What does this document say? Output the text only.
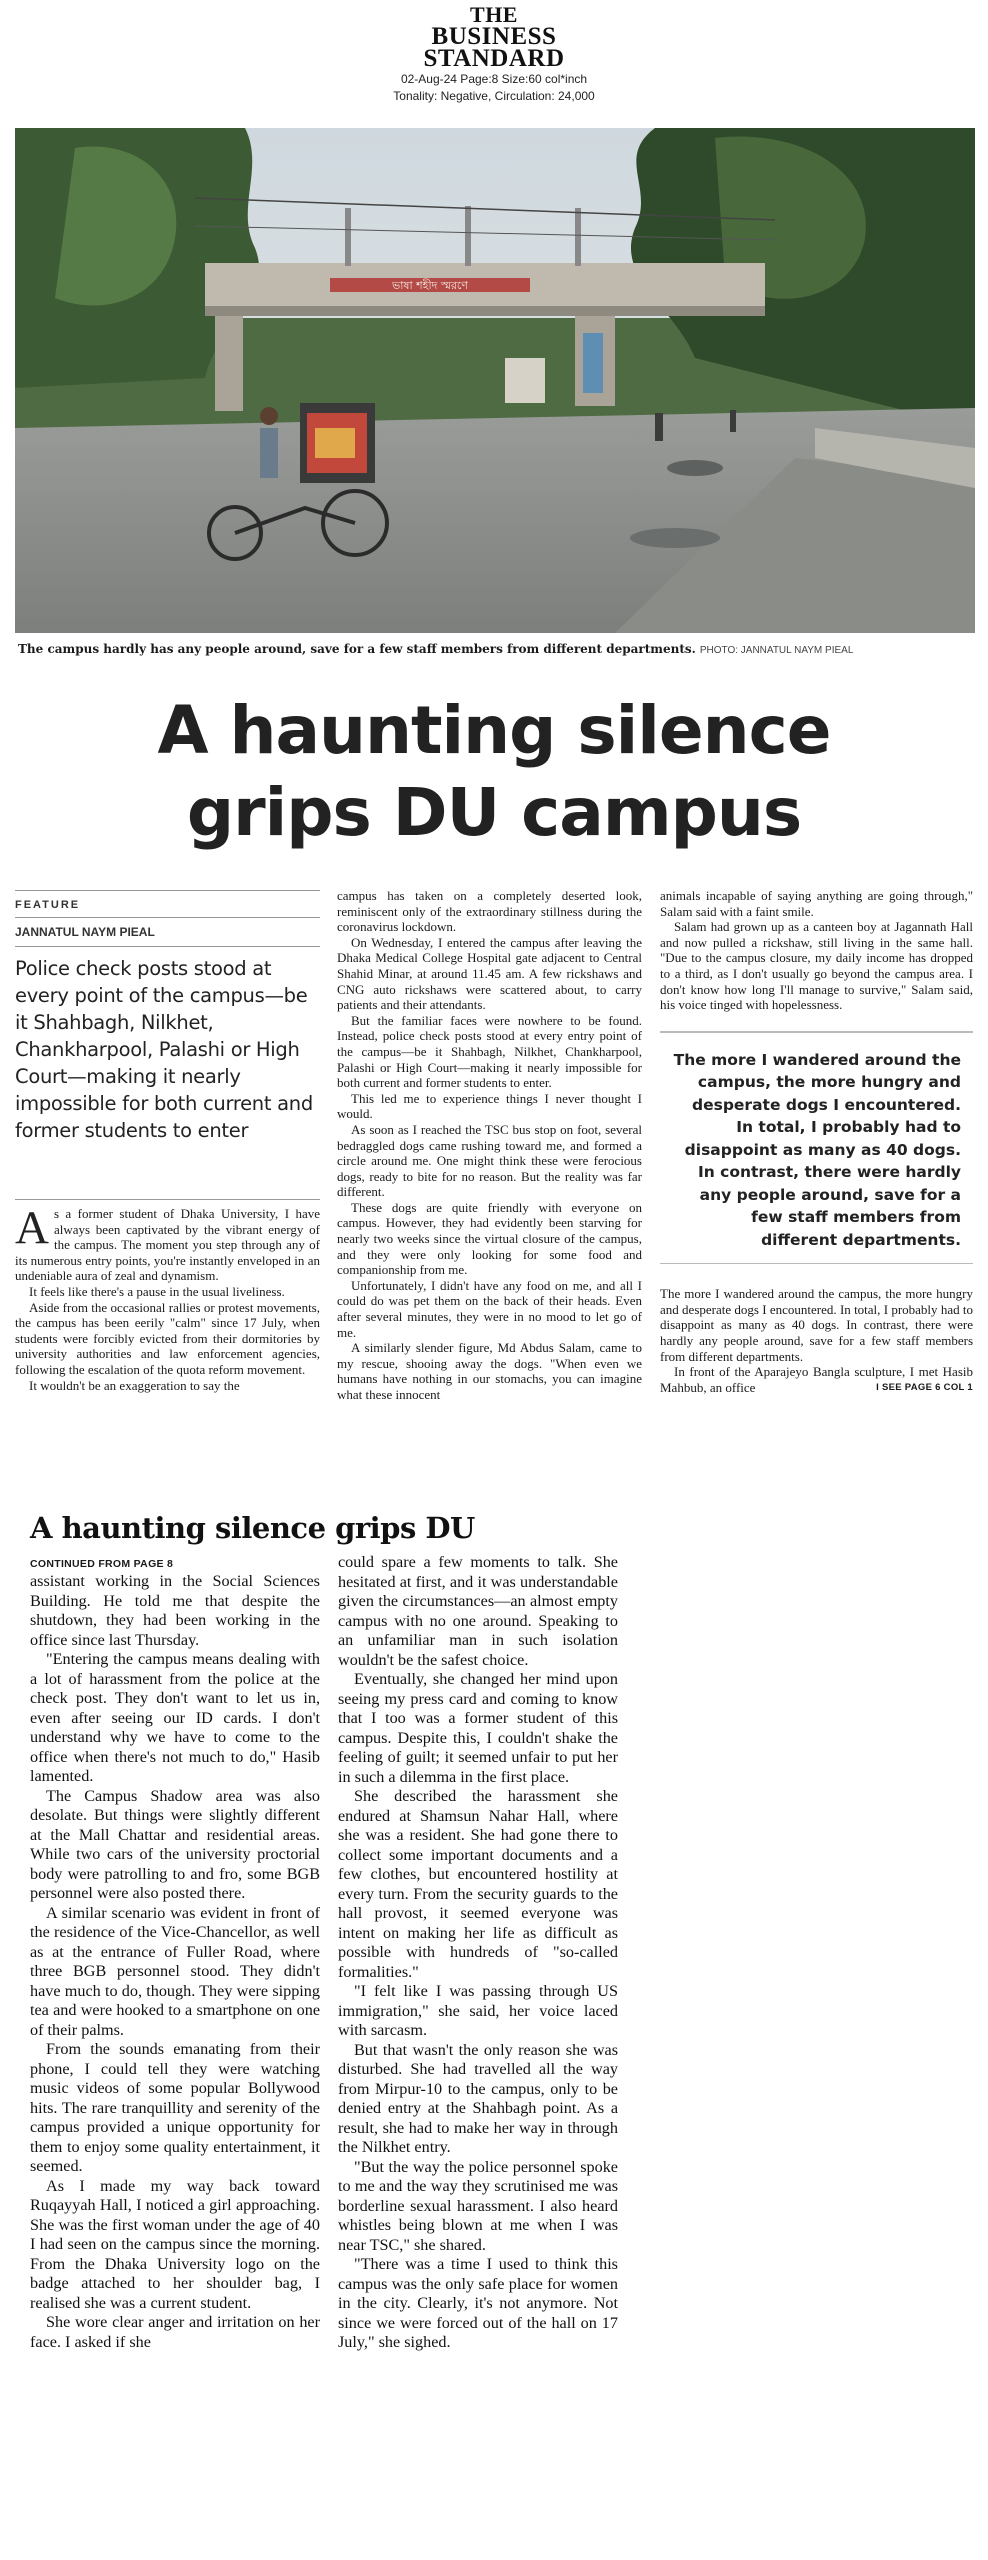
THE
BUSINESS
STANDARD
02-Aug-24 Page:8 Size:60 col*inch
Tonality: Negative, Circulation: 24,000
ভাষা শহীদ স্মরণে
The campus hardly has any people around, save for a few staff members from different departments. PHOTO: JANNATUL NAYM PIEAL
A haunting silence
grips DU campus
FEATURE
JANNATUL NAYM PIEAL
Police check posts stood at every point of the campus—be it Shahbagh, Nilkhet, Chankharpool, Palashi or High Court—making it nearly impossible for both current and former students to enter

As a former student of Dhaka University, I have always been captivated by the vibrant energy of the campus. The moment you step through any of its numerous entry points, you're instantly enveloped in an undeniable aura of zeal and dynamism.

It feels like there's a pause in the usual liveliness.

Aside from the occasional rallies or protest movements, the campus has been eerily "calm" since 17 July, when students were forcibly evicted from their dormitories by university authorities and law enforcement agencies, following the escalation of the quota reform movement.

It wouldn't be an exaggeration to say the

campus has taken on a completely deserted look, reminiscent only of the extraordinary stillness during the coronavirus lockdown.

On Wednesday, I entered the campus after leaving the Dhaka Medical College Hospital gate adjacent to Central Shahid Minar, at around 11.45 am. A few rickshaws and CNG auto rickshaws were scattered about, to carry patients and their attendants.

But the familiar faces were nowhere to be found. Instead, police check posts stood at every entry point of the campus—be it Shahbagh, Nilkhet, Chankharpool, Palashi or High Court—making it nearly impossible for both current and former students to enter.

This led me to experience things I never thought I would.

As soon as I reached the TSC bus stop on foot, several bedraggled dogs came rushing toward me, and formed a circle around me. One might think these were ferocious dogs, ready to bite for no reason. But the reality was far different.

These dogs are quite friendly with everyone on campus. However, they had evidently been starving for nearly two weeks since the virtual closure of the campus, and they were only looking for some food and companionship from me.

Unfortunately, I didn't have any food on me, and all I could do was pet them on the back of their heads. Even after several minutes, they were in no mood to let go of me.

A similarly slender figure, Md Abdus Salam, came to my rescue, shooing away the dogs. "When even we humans have nothing in our stomachs, you can imagine what these innocent

animals incapable of saying anything are going through," Salam said with a faint smile.

Salam had grown up as a canteen boy at Jagannath Hall and now pulled a rickshaw, still living in the same hall. "Due to the campus closure, my daily income has dropped to a third, as I don't usually go beyond the campus area. I don't know how long I'll manage to survive," Salam said, his voice tinged with hopelessness.

The more I wandered around the campus, the more hungry and desperate dogs I encountered. In total, I probably had to disappoint as many as 40 dogs. In contrast, there were hardly any people around, save for a few staff members from different departments.

The more I wandered around the campus, the more hungry and desperate dogs I encountered. In total, I probably had to disappoint as many as 40 dogs. In contrast, there were hardly any people around, save for a few staff members from different departments.

In front of the Aparajeyo Bangla sculpture, I met Hasib Mahbub, an office	I SEE PAGE 6 COL 1

A haunting silence grips DU
CONTINUED FROM PAGE 8

assistant working in the Social Sciences Building. He told me that despite the shutdown, they had been working in the office since last Thursday.

"Entering the campus means dealing with a lot of harassment from the police at the check post. They don't want to let us in, even after seeing our ID cards. I don't understand why we have to come to the office when there's not much to do," Hasib lamented.

The Campus Shadow area was also desolate. But things were slightly different at the Mall Chattar and residential areas. While two cars of the university proctorial body were patrolling to and fro, some BGB personnel were also posted there.

A similar scenario was evident in front of the residence of the Vice-Chancellor, as well as at the entrance of Fuller Road, where three BGB personnel stood. They didn't have much to do, though. They were sipping tea and were hooked to a smartphone on one of their palms.

From the sounds emanating from their phone, I could tell they were watching music videos of some popular Bollywood hits. The rare tranquillity and serenity of the campus provided a unique opportunity for them to enjoy some quality entertainment, it seemed.

As I made my way back toward Ruqayyah Hall, I noticed a girl approaching. She was the first woman under the age of 40 I had seen on the campus since the morning. From the Dhaka University logo on the badge attached to her shoulder bag, I realised she was a current student.

She wore clear anger and irritation on her face. I asked if she

could spare a few moments to talk. She hesitated at first, and it was understandable given the circumstances—an almost empty campus with no one around. Speaking to an unfamiliar man in such isolation wouldn't be the safest choice.

Eventually, she changed her mind upon seeing my press card and coming to know that I too was a former student of this campus. Despite this, I couldn't shake the feeling of guilt; it seemed unfair to put her in such a dilemma in the first place.

She described the harassment she endured at Shamsun Nahar Hall, where she was a resident. She had gone there to collect some important documents and a few clothes, but encountered hostility at every turn. From the security guards to the hall provost, it seemed everyone was intent on making her life as difficult as possible with hundreds of "so-called formalities."

"I felt like I was passing through US immigration," she said, her voice laced with sarcasm.

But that wasn't the only reason she was disturbed. She had travelled all the way from Mirpur-10 to the campus, only to be denied entry at the Shahbagh point. As a result, she had to make her way in through the Nilkhet entry.

"But the way the police personnel spoke to me and the way they scrutinised me was borderline sexual harassment. I also heard whistles being blown at me when I was near TSC," she shared.

"There was a time I used to think this campus was the only safe place for women in the city. Clearly, it's not anymore. Not since we were forced out of the hall on 17 July," she sighed.
